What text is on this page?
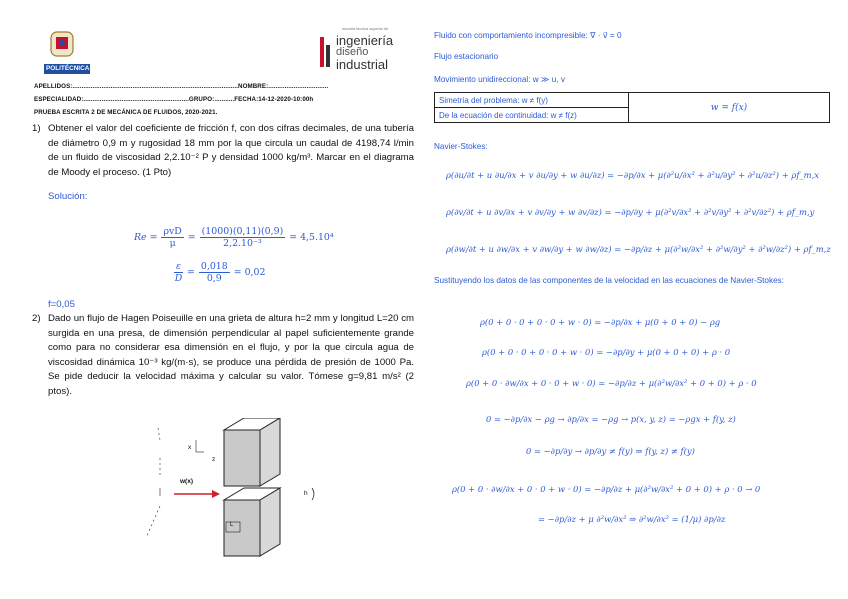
POLITÉCNICA
escuela técnica superior de
ingeniería
diseño
industrial
APELLIDOS:...........................................................................................NOMBRE:.................................
ESPECIALIDAD:..........................................................GRUPO:...........FECHA:14-12-2020-10:00h
PRUEBA ESCRITA 2 DE MECÁNICA DE FLUIDOS, 2020-2021.
1) Obtener el valor del coeficiente de fricción f, con dos cifras decimales, de una tubería de diámetro 0,9 m y rugosidad 18 mm por la que circula un caudal de 4198,74 l/min de un fluido de viscosidad 2,2.10⁻² P y densidad 1000 kg/m³. Marcar en el diagrama de Moody el proceso. (1 Pto)
Solución:
Re =
ρvD
μ
= $\frac{(1000)(0,11)(0,9)}{\text{2,2.10⁻³}} = 4,5.10^4$
$\frac{\varepsilon}{D} = \frac{0,018}{0,9} = 0,02$
f=0,05
2) Dado un flujo de Hagen Poiseuille en una grieta de altura h=2 mm y longitud L=20 cm surgida en una presa, de dimensión perpendicular al papel suficientemente grande como para no considerar esa dimensión en el flujo, y por la que circula agua de viscosidad dinámica 10⁻³ kg/(m·s), se produce una pérdida de presión de 1000 Pa. Se pide deducir la velocidad máxima y calcular su valor. Tómese g=9,81 m/s² (2 ptos).
w(x)
x
z
h
L
Fluido con comportamiento incompresible: ∇ · v⃗ = 0
Flujo estacionario
Movimiento unidireccional: w ≫ u, v
Simetría del problema: w ≠ f(y)	w = f(x)
De la ecuación de continuidad: w ≠ f(z)
Navier-Stokes:
ρ(∂u/∂t + u ∂u/∂x + v ∂u/∂y + w ∂u/∂z) = −∂p/∂x + μ(∂²u/∂x² + ∂²u/∂y² + ∂²u/∂z²) + ρf_m,x
ρ(∂v/∂t + u ∂v/∂x + v ∂v/∂y + w ∂v/∂z) = −∂p/∂y + μ(∂²v/∂x² + ∂²v/∂y² + ∂²v/∂z²) + ρf_m,y
ρ(∂w/∂t + u ∂w/∂x + v ∂w/∂y + w ∂w/∂z) = −∂p/∂z + μ(∂²w/∂x² + ∂²w/∂y² + ∂²w/∂z²) + ρf_m,z
Sustituyendo los datos de las componentes de la velocidad en las ecuaciones de Navier-Stokes:
ρ(0 + 0 · 0 + 0 · 0 + w · 0) = −∂p/∂x + μ(0 + 0 + 0) − ρg
ρ(0 + 0 · 0 + 0 · 0 + w · 0) = −∂p/∂y + μ(0 + 0 + 0) + ρ · 0
ρ(0 + 0 · ∂w/∂x + 0 · 0 + w · 0) = −∂p/∂z + μ(∂²w/∂x² + 0 + 0) + ρ · 0
0 = −∂p/∂x − ρg → ∂p/∂x = −ρg → p(x, y, z) = −ρgx + f(y, z)
0 = −∂p/∂y → ∂p/∂y ≠ f(y) ⇒ f(y, z) ≠ f(y)
ρ(0 + 0 · ∂w/∂x + 0 · 0 + w · 0) = −∂p/∂z + μ(∂²w/∂x² + 0 + 0) + ρ · 0 → 0
= −∂p/∂z + μ ∂²w/∂x² ⇒ ∂²w/∂x² = (1/μ) ∂p/∂z
